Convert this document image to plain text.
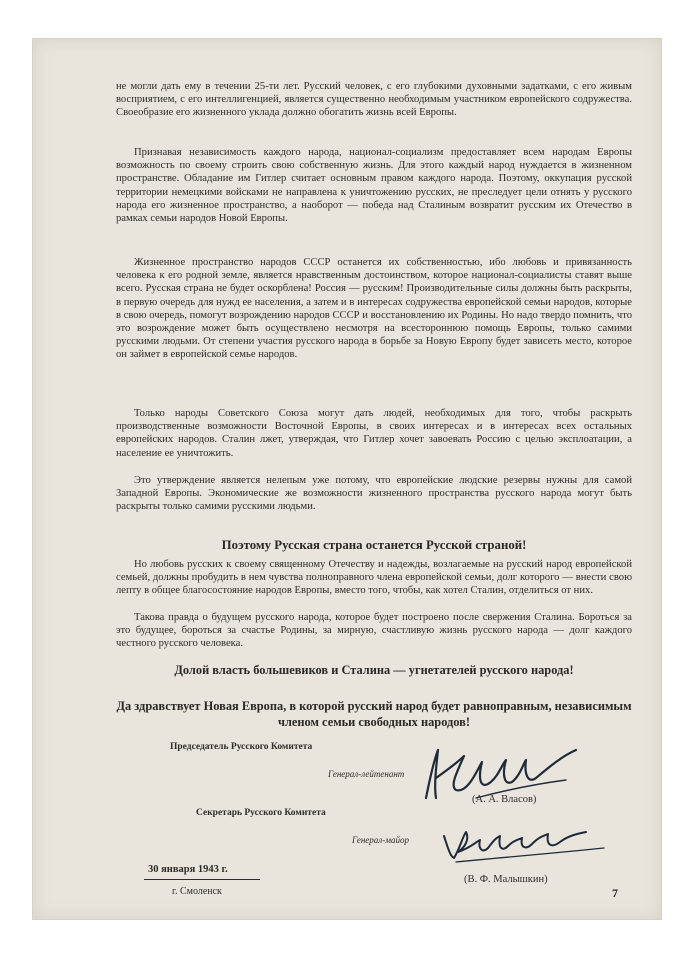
не могли дать ему в течении 25-ти лет. Русский человек, с его глубокими духовными задатками, с его живым восприятием, с его интеллигенцией, является существенно необходимым участником европейского содружества. Своеобразие его жизненного уклада должно обогатить жизнь всей Европы.

Признавая независимость каждого народа, национал-социализм предоставляет всем народам Европы возможность по своему строить свою собственную жизнь. Для этого каждый народ нуждается в жизненном пространстве. Обладание им Гитлер считает основным правом каждого народа. Поэтому, оккупация русской территории немецкими войсками не направлена к уничтожению русских, не преследует цели отнять у русского народа его жизненное пространство, а наоборот — победа над Сталиным возвратит русским их Отечество в рамках семьи народов Новой Европы.

Жизненное пространство народов СССР останется их собственностью, ибо любовь и привязанность человека к его родной земле, является нравственным достоинством, которое национал-социалисты ставят выше всего. Русская страна не будет оскорблена! Россия — русским! Производительные силы должны быть раскрыты, в первую очередь для нужд ее населения, а затем и в интересах содружества европейской семьи народов, которые в свою очередь, помогут возрождению народов СССР и восстановлению их Родины. Но надо твердо помнить, что это возрождение может быть осуществлено несмотря на всестороннюю помощь Европы, только самими русскими людьми. От степени участия русского народа в борьбе за Новую Европу будет зависеть место, которое он займет в европейской семье народов.

Только народы Советского Союза могут дать людей, необходимых для того, чтобы раскрыть производственные возможности Восточной Европы, в своих интересах и в интересах всех остальных европейских народов. Сталин лжет, утверждая, что Гитлер хочет завоевать Россию с целью эксплоатации, а население ее уничтожить.

Это утверждение является нелепым уже потому, что европейские людские резервы нужны для самой Западной Европы. Экономические же возможности жизненного пространства русского народа могут быть раскрыты только самими русскими людьми.

Поэтому Русская страна останется Русской страной!

Но любовь русских к своему священному Отечеству и надежды, возлагаемые на русский народ европейской семьей, должны пробудить в нем чувства полноправного члена европейской семьи, долг которого — внести свою лепту в общее благосостояние народов Европы, вместо того, чтобы, как хотел Сталин, отделиться от них.

Такова правда о будущем русского народа, которое будет построено после свержения Сталина. Бороться за это будущее, бороться за счастье Родины, за мирную, счастливую жизнь русского народа — долг каждого честного русского человека.

Долой власть большевиков и Сталина — угнетателей русского народа!
Да здравствует Новая Европа, в которой русский народ будет равноправным, независимым членом семьи свободных народов!
Председатель Русского Комитета
Генерал-лейтенант
(А. А. Власов)
Секретарь Русского Комитета
Генерал-майор
(В. Ф. Малышкин)
30 января 1943 г.
г. Смоленск	7
